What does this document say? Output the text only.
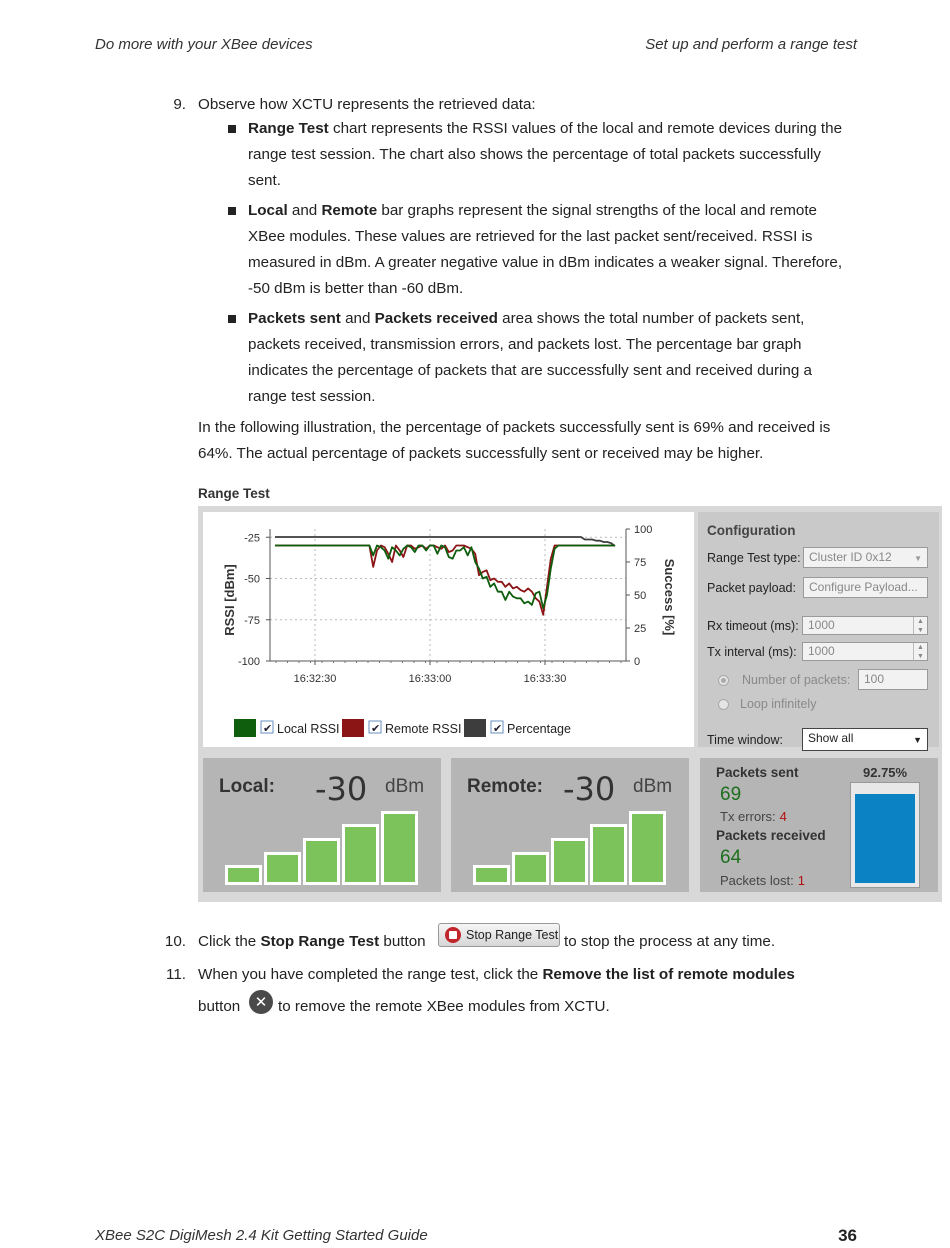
Do more with your XBee devices	Set up and perform a range test
9. Observe how XCTU represents the retrieved data:
Range Test chart represents the RSSI values of the local and remote devices during the
range test session. The chart also shows the percentage of total packets successfully
sent.
Local and Remote bar graphs represent the signal strengths of the local and remote
XBee modules. These values are retrieved for the last packet sent/received. RSSI is
measured in dBm. A greater negative value in dBm indicates a weaker signal. Therefore,
-50 dBm is better than -60 dBm.
Packets sent and Packets received area shows the total number of packets sent,
packets received, transmission errors, and packets lost. The percentage bar graph
indicates the percentage of packets that are successfully sent and received during a
range test session.
In the following illustration, the percentage of packets successfully sent is 69% and received is
64%. The actual percentage of packets successfully sent or received may be higher.
Range Test
-25
-50
-75
-100
100
75
50
25
0
16:32:30	16:33:00	16:33:30
RSSI [dBm]	Success [%]
✔ Local RSSI	✔ Remote RSSI	✔ Percentage
Configuration
Range Test type: Cluster ID 0x12	▼
Packet payload:	Configure Payload...
Rx timeout (ms): 1000	▲
▼
Tx interval (ms): 1000	▲
▼
Number of packets:	100
Loop infinitely
Time window:	Show all	▼
Local: -30 dBm Remote: -30 dBm
Packets sent
69
Tx errors: 4
Packets received
64
Packets lost: 1
92.75%
10. Click the Stop Range Test button	Stop Range Test to stop the process at any time.
11. When you have completed the range test, click the Remove the list of remote modules
button ✕ to remove the remote XBee modules from XCTU.
XBee S2C DigiMesh 2.4 Kit Getting Started Guide	36
